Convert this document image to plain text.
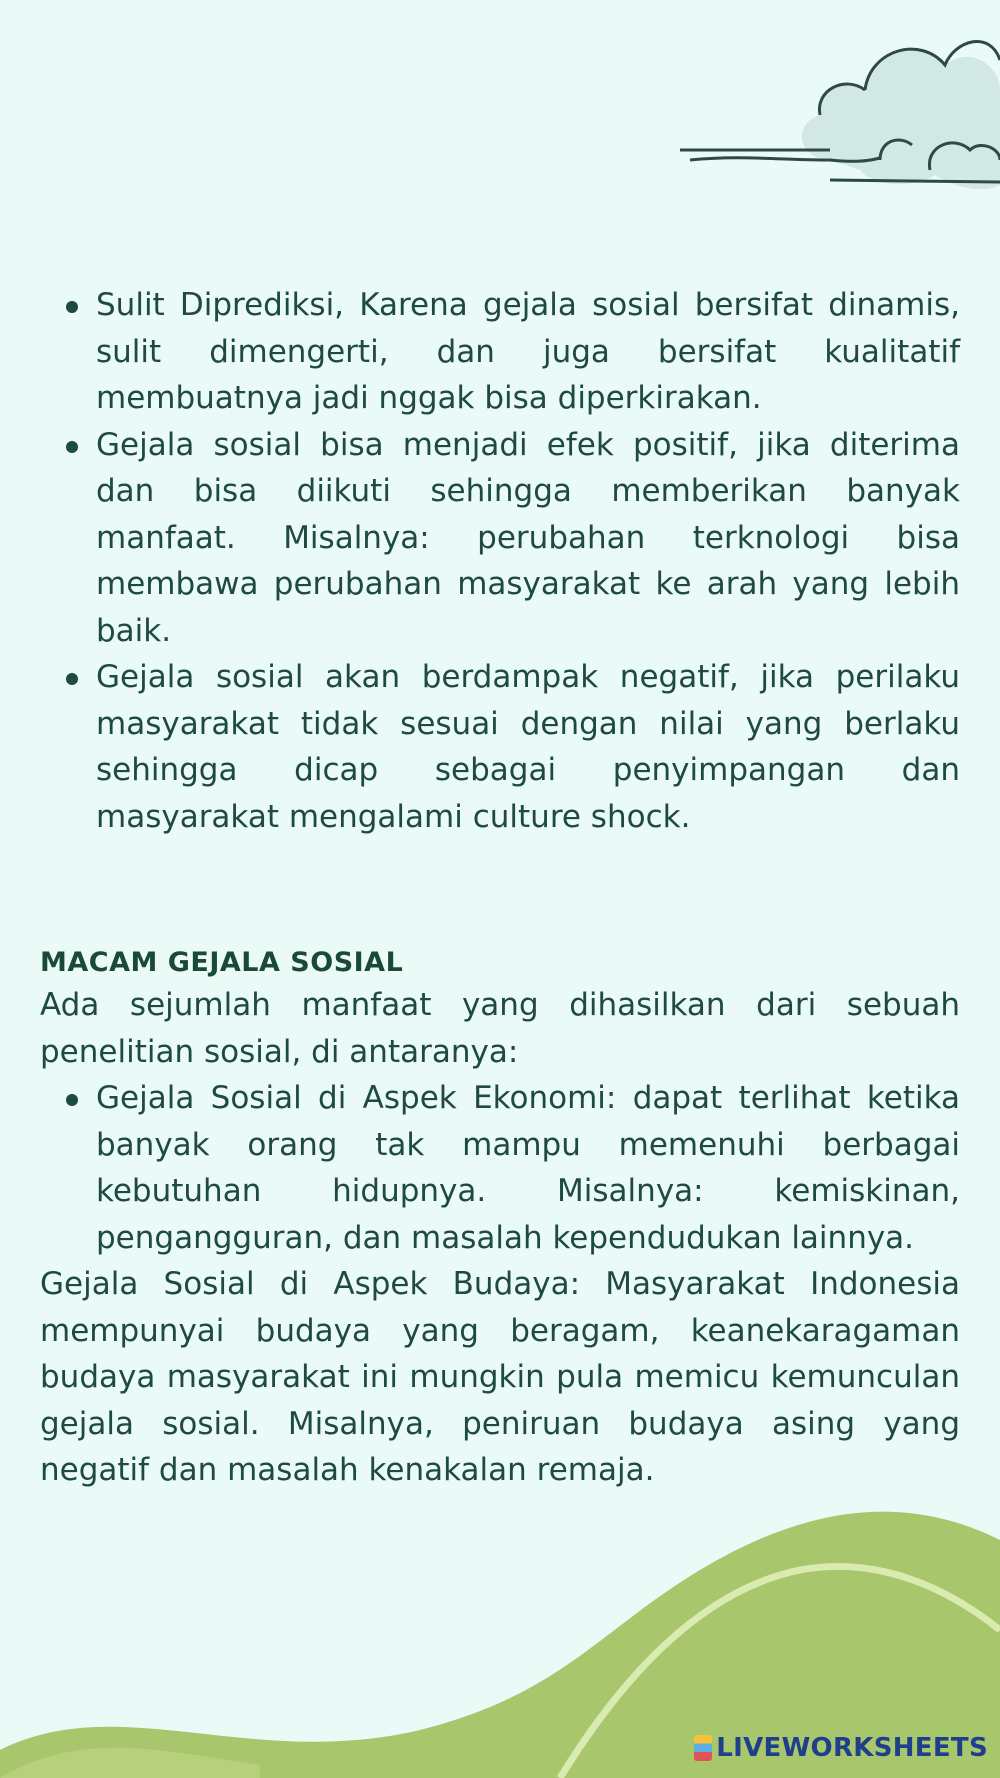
Sulit Diprediksi, Karena gejala sosial bersifat dinamis, sulit dimengerti, dan juga bersifat kualitatif membuatnya jadi nggak bisa diperkirakan.

Gejala sosial bisa menjadi efek positif, jika diterima dan bisa diikuti sehingga memberikan banyak manfaat. Misalnya: perubahan terknologi bisa membawa perubahan masyarakat ke arah yang lebih baik.

Gejala sosial akan berdampak negatif, jika perilaku masyarakat tidak sesuai dengan nilai yang berlaku sehingga dicap sebagai penyimpangan dan masyarakat mengalami culture shock.

MACAM GEJALA SOSIAL

Ada sejumlah manfaat yang dihasilkan dari sebuah penelitian sosial, di antaranya:

Gejala Sosial di Aspek Ekonomi: dapat terlihat ketika banyak orang tak mampu memenuhi berbagai kebutuhan hidupnya. Misalnya: kemiskinan, pengangguran, dan masalah kependudukan lainnya.

Gejala Sosial di Aspek Budaya: Masyarakat Indonesia mempunyai budaya yang beragam, keanekaragaman budaya masyarakat ini mungkin pula memicu kemunculan gejala sosial. Misalnya, peniruan budaya asing yang negatif dan masalah kenakalan remaja.

LIVEWORKSHEETS
